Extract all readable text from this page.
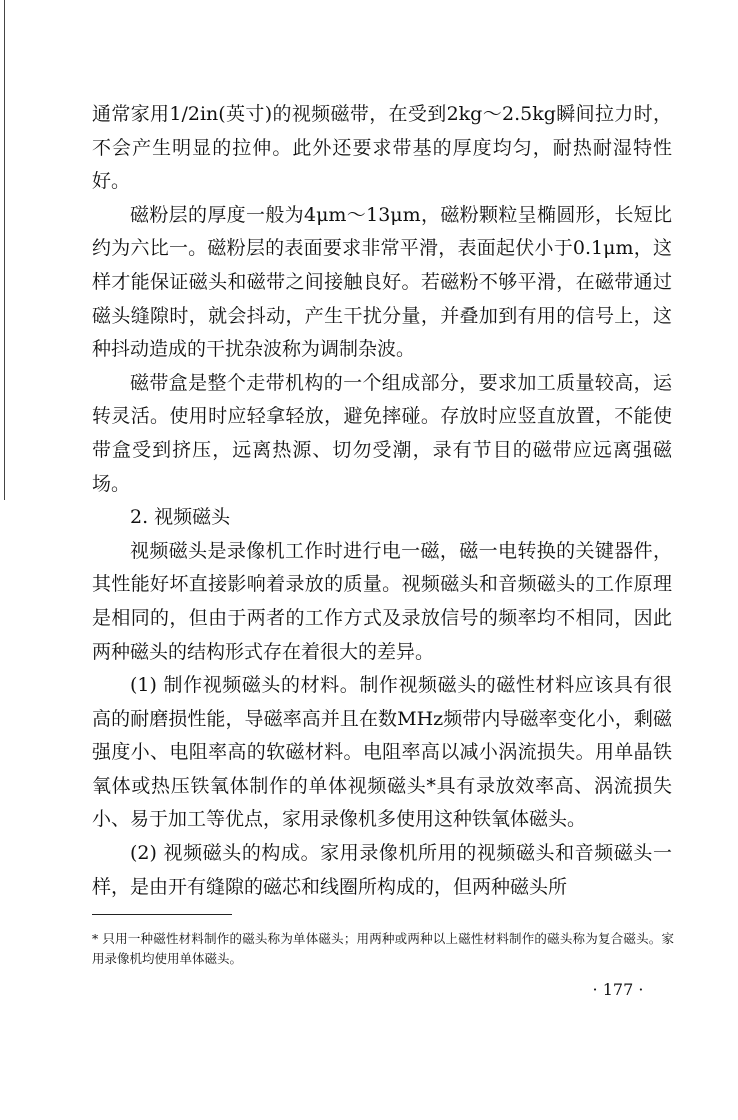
通常家用1/2in(英寸)的视频磁带，在受到2kg～2.5kg瞬间拉力时，不会产生明显的拉伸。此外还要求带基的厚度均匀，耐热耐湿特性好。

磁粉层的厚度一般为4μm～13μm，磁粉颗粒呈椭圆形，长短比约为六比一。磁粉层的表面要求非常平滑，表面起伏小于0.1μm，这样才能保证磁头和磁带之间接触良好。若磁粉不够平滑，在磁带通过磁头缝隙时，就会抖动，产生干扰分量，并叠加到有用的信号上，这种抖动造成的干扰杂波称为调制杂波。

磁带盒是整个走带机构的一个组成部分，要求加工质量较高，运转灵活。使用时应轻拿轻放，避免摔碰。存放时应竖直放置，不能使带盒受到挤压，远离热源、切勿受潮，录有节目的磁带应远离强磁场。

2. 视频磁头

视频磁头是录像机工作时进行电一磁，磁一电转换的关键器件，其性能好坏直接影响着录放的质量。视频磁头和音频磁头的工作原理是相同的，但由于两者的工作方式及录放信号的频率均不相同，因此两种磁头的结构形式存在着很大的差异。

(1) 制作视频磁头的材料。制作视频磁头的磁性材料应该具有很高的耐磨损性能，导磁率高并且在数MHz频带内导磁率变化小，剩磁强度小、电阻率高的软磁材料。电阻率高以减小涡流损失。用单晶铁氧体或热压铁氧体制作的单体视频磁头*具有录放效率高、涡流损失小、易于加工等优点，家用录像机多使用这种铁氧体磁头。

(2) 视频磁头的构成。家用录像机所用的视频磁头和音频磁头一样，是由开有缝隙的磁芯和线圈所构成的，但两种磁头所

* 只用一种磁性材料制作的磁头称为单体磁头；用两种或两种以上磁性材料制作的磁头称为复合磁头。家用录像机均使用单体磁头。
· 177 ·
